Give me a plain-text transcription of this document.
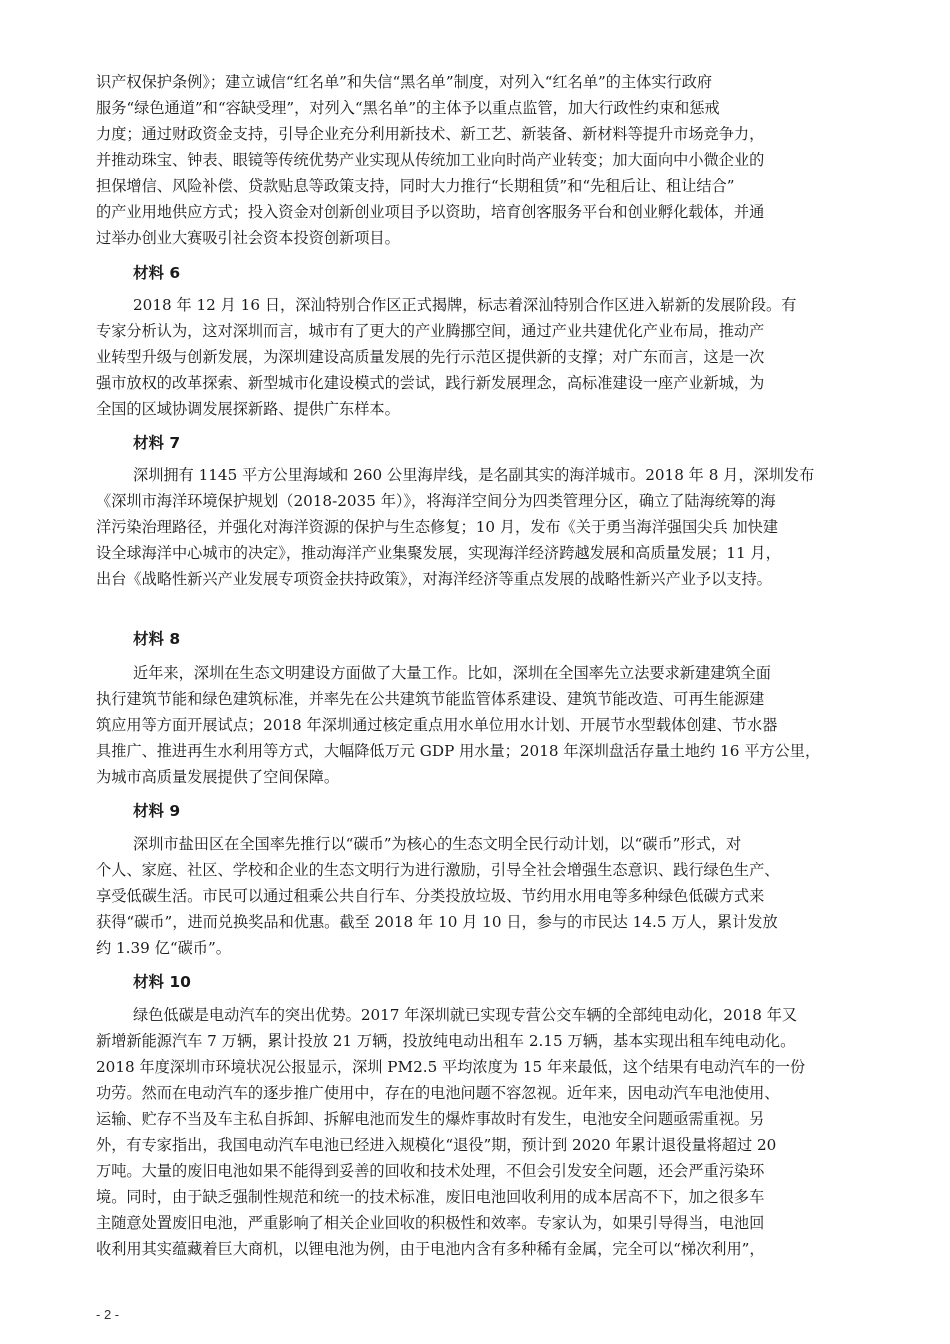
识产权保护条例》；建立诚信“红名单”和失信“黑名单”制度，对列入“红名单”的主体实行政府
服务“绿色通道”和“容缺受理”，对列入“黑名单”的主体予以重点监管，加大行政性约束和惩戒
力度；通过财政资金支持，引导企业充分利用新技术、新工艺、新装备、新材料等提升市场竞争力，
并推动珠宝、钟表、眼镜等传统优势产业实现从传统加工业向时尚产业转变；加大面向中小微企业的
担保增信、风险补偿、贷款贴息等政策支持，同时大力推行“长期租赁”和“先租后让、租让结合”
的产业用地供应方式；投入资金对创新创业项目予以资助，培育创客服务平台和创业孵化载体，并通
过举办创业大赛吸引社会资本投资创新项目。
材料 6
2018 年 12 月 16 日，深汕特别合作区正式揭牌，标志着深汕特别合作区进入崭新的发展阶段。有
专家分析认为，这对深圳而言，城市有了更大的产业腾挪空间，通过产业共建优化产业布局，推动产
业转型升级与创新发展，为深圳建设高质量发展的先行示范区提供新的支撑；对广东而言，这是一次
强市放权的改革探索、新型城市化建设模式的尝试，践行新发展理念，高标准建设一座产业新城，为
全国的区域协调发展探新路、提供广东样本。
材料 7
深圳拥有 1145 平方公里海域和 260 公里海岸线，是名副其实的海洋城市。2018 年 8 月，深圳发布
《深圳市海洋环境保护规划（2018-2035 年）》，将海洋空间分为四类管理分区，确立了陆海统筹的海
洋污染治理路径，并强化对海洋资源的保护与生态修复；10 月，发布《关于勇当海洋强国尖兵 加快建
设全球海洋中心城市的决定》，推动海洋产业集聚发展，实现海洋经济跨越发展和高质量发展；11 月，
出台《战略性新兴产业发展专项资金扶持政策》，对海洋经济等重点发展的战略性新兴产业予以支持。
材料 8
近年来，深圳在生态文明建设方面做了大量工作。比如，深圳在全国率先立法要求新建建筑全面
执行建筑节能和绿色建筑标准，并率先在公共建筑节能监管体系建设、建筑节能改造、可再生能源建
筑应用等方面开展试点；2018 年深圳通过核定重点用水单位用水计划、开展节水型载体创建、节水器
具推广、推进再生水利用等方式，大幅降低万元 GDP 用水量；2018 年深圳盘活存量土地约 16 平方公里，
为城市高质量发展提供了空间保障。
材料 9
深圳市盐田区在全国率先推行以“碳币”为核心的生态文明全民行动计划，以“碳币”形式，对
个人、家庭、社区、学校和企业的生态文明行为进行激励，引导全社会增强生态意识、践行绿色生产、
享受低碳生活。市民可以通过租乘公共自行车、分类投放垃圾、节约用水用电等多种绿色低碳方式来
获得“碳币”，进而兑换奖品和优惠。截至 2018 年 10 月 10 日，参与的市民达 14.5 万人，累计发放
约 1.39 亿“碳币”。
材料 10
绿色低碳是电动汽车的突出优势。2017 年深圳就已实现专营公交车辆的全部纯电动化，2018 年又
新增新能源汽车 7 万辆，累计投放 21 万辆，投放纯电动出租车 2.15 万辆，基本实现出租车纯电动化。
2018 年度深圳市环境状况公报显示，深圳 PM2.5 平均浓度为 15 年来最低，这个结果有电动汽车的一份
功劳。然而在电动汽车的逐步推广使用中，存在的电池问题不容忽视。近年来，因电动汽车电池使用、
运输、贮存不当及车主私自拆卸、拆解电池而发生的爆炸事故时有发生，电池安全问题亟需重视。另
外，有专家指出，我国电动汽车电池已经进入规模化“退役”期，预计到 2020 年累计退役量将超过 20
万吨。大量的废旧电池如果不能得到妥善的回收和技术处理，不但会引发安全问题，还会严重污染环
境。同时，由于缺乏强制性规范和统一的技术标准，废旧电池回收利用的成本居高不下，加之很多车
主随意处置废旧电池，严重影响了相关企业回收的积极性和效率。专家认为，如果引导得当，电池回
收利用其实蕴藏着巨大商机，以锂电池为例，由于电池内含有多种稀有金属，完全可以“梯次利用”，
- 2 -
